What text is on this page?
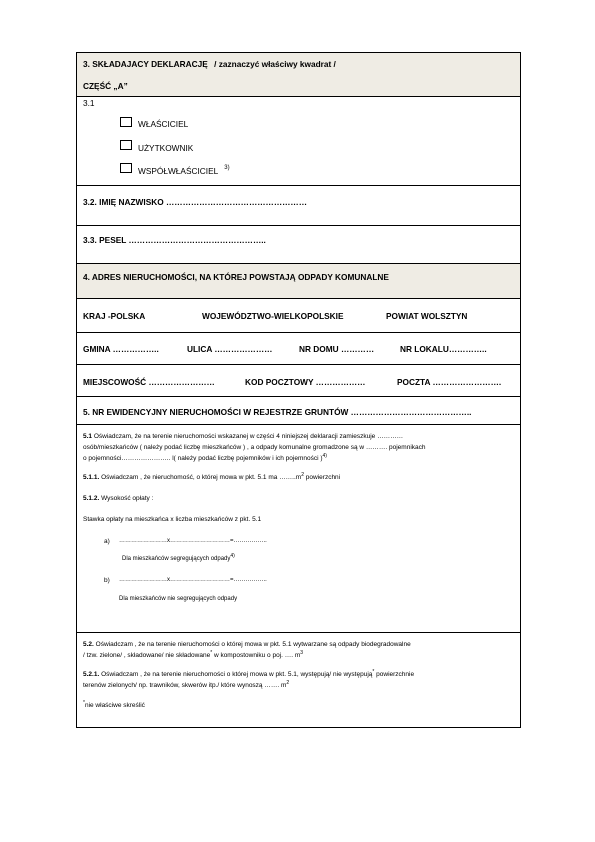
3. SKŁADAJACY DEKLARACJĘ / zaznaczyć właściwy kwadrat /
CZĘŚĆ „A”
3.1
WŁAŚCICIEL
UŻYTKOWNIK
WSPÓŁWŁAŚCICIEL $^{3)}$
3.2. IMIĘ NAZWISKO ……………………………………………
3.3. PESEL …………………………………………..
4. ADRES NIERUCHOMOŚCI, NA KTÓREJ POWSTAJĄ ODPADY KOMUNALNE
KRAJ -POLSKA	WOJEWÓDZTWO-WIELKOPOLSKIE	POWIAT WOLSZTYN
GMINA ……………..	ULICA …………………	NR DOMU …………	NR LOKALU…………..
MIEJSCOWOŚĆ ……………………	KOD POCZTOWY ………………	POCZTA …………………….
5. NR EWIDENCYJNY NIERUCHOMOŚCI W REJESTRZE GRUNTÓW ……………………………………..
5.1 Oświadczam, że na terenie nieruchomości wskazanej w części 4 niniejszej deklaracji zamieszkuje …………
osób/mieszkańców ( należy podać liczbę mieszkańców ) , a odpady komunalne gromadzone są w ………. pojemnikach
o pojemności………………….. l( należy podać liczbę pojemników i ich pojemności )$^{4)}$
5.1.1. Oświadczam , że nieruchomość, o której mowa w pkt. 5.1 ma $\dots\dots..m^2$ powierzchni
5.1.2. Wysokość opłaty :
Stawka opłaty na mieszkańca x liczba mieszkańców z pkt. 5.1
a) ……………………x…………………………=……………..
Dla mieszkańców segregujących odpady$^{4)}$
b) ……………………x…………………………=……………..
Dla mieszkańców nie segregujących odpady
5.2. Oświadczam , że na terenie nieruchomości o której mowa w pkt. 5.1 wytwarzane są odpady biodegradowalne
/ tzw. zielone/ , składowane/ nie składowane* w kompostowniku o poj. …. $m^3$
5.2.1. Oświadczam , że na terenie nieruchomości o której mowa w pkt. 5.1, występują/ nie występują* powierzchnie
terenów zielonych/ np. trawników, skwerów itp./ które wynoszą ……. $m^2$
*nie właściwe skreślić
